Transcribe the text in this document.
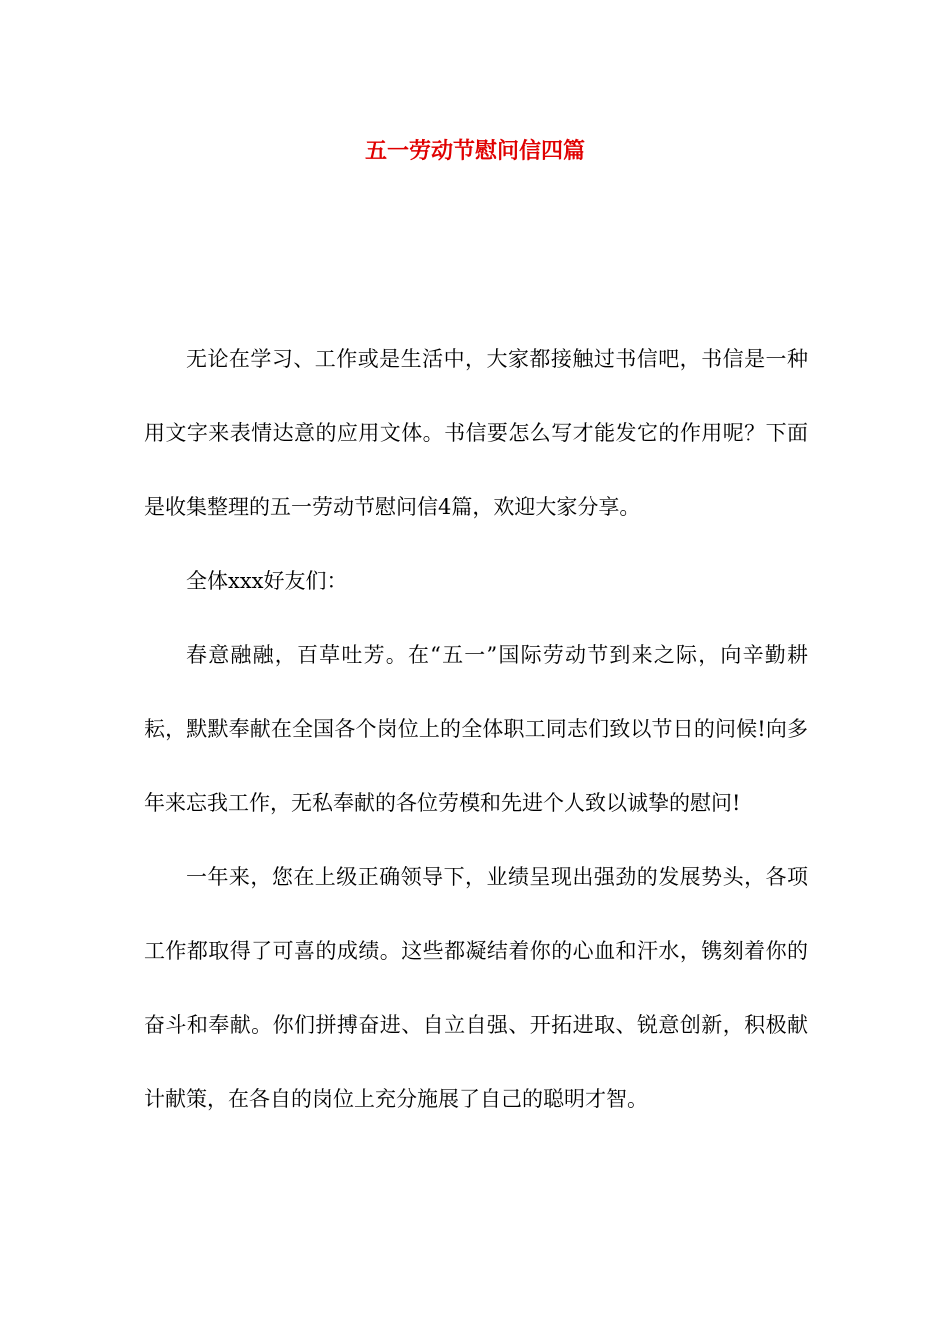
五一劳动节慰问信四篇

无论在学习、工作或是生活中，大家都接触过书信吧，书信是一种用文字来表情达意的应用文体。书信要怎么写才能发它的作用呢？下面是收集整理的五一劳动节慰问信4篇，欢迎大家分享。

全体xxx好友们：

春意融融，百草吐芳。在“五一”国际劳动节到来之际，向辛勤耕耘，默默奉献在全国各个岗位上的全体职工同志们致以节日的问候!向多年来忘我工作，无私奉献的各位劳模和先进个人致以诚挚的慰问!

一年来，您在上级正确领导下，业绩呈现出强劲的发展势头，各项工作都取得了可喜的成绩。这些都凝结着你的心血和汗水，镌刻着你的奋斗和奉献。你们拼搏奋进、自立自强、开拓进取、锐意创新，积极献计献策，在各自的岗位上充分施展了自己的聪明才智。
